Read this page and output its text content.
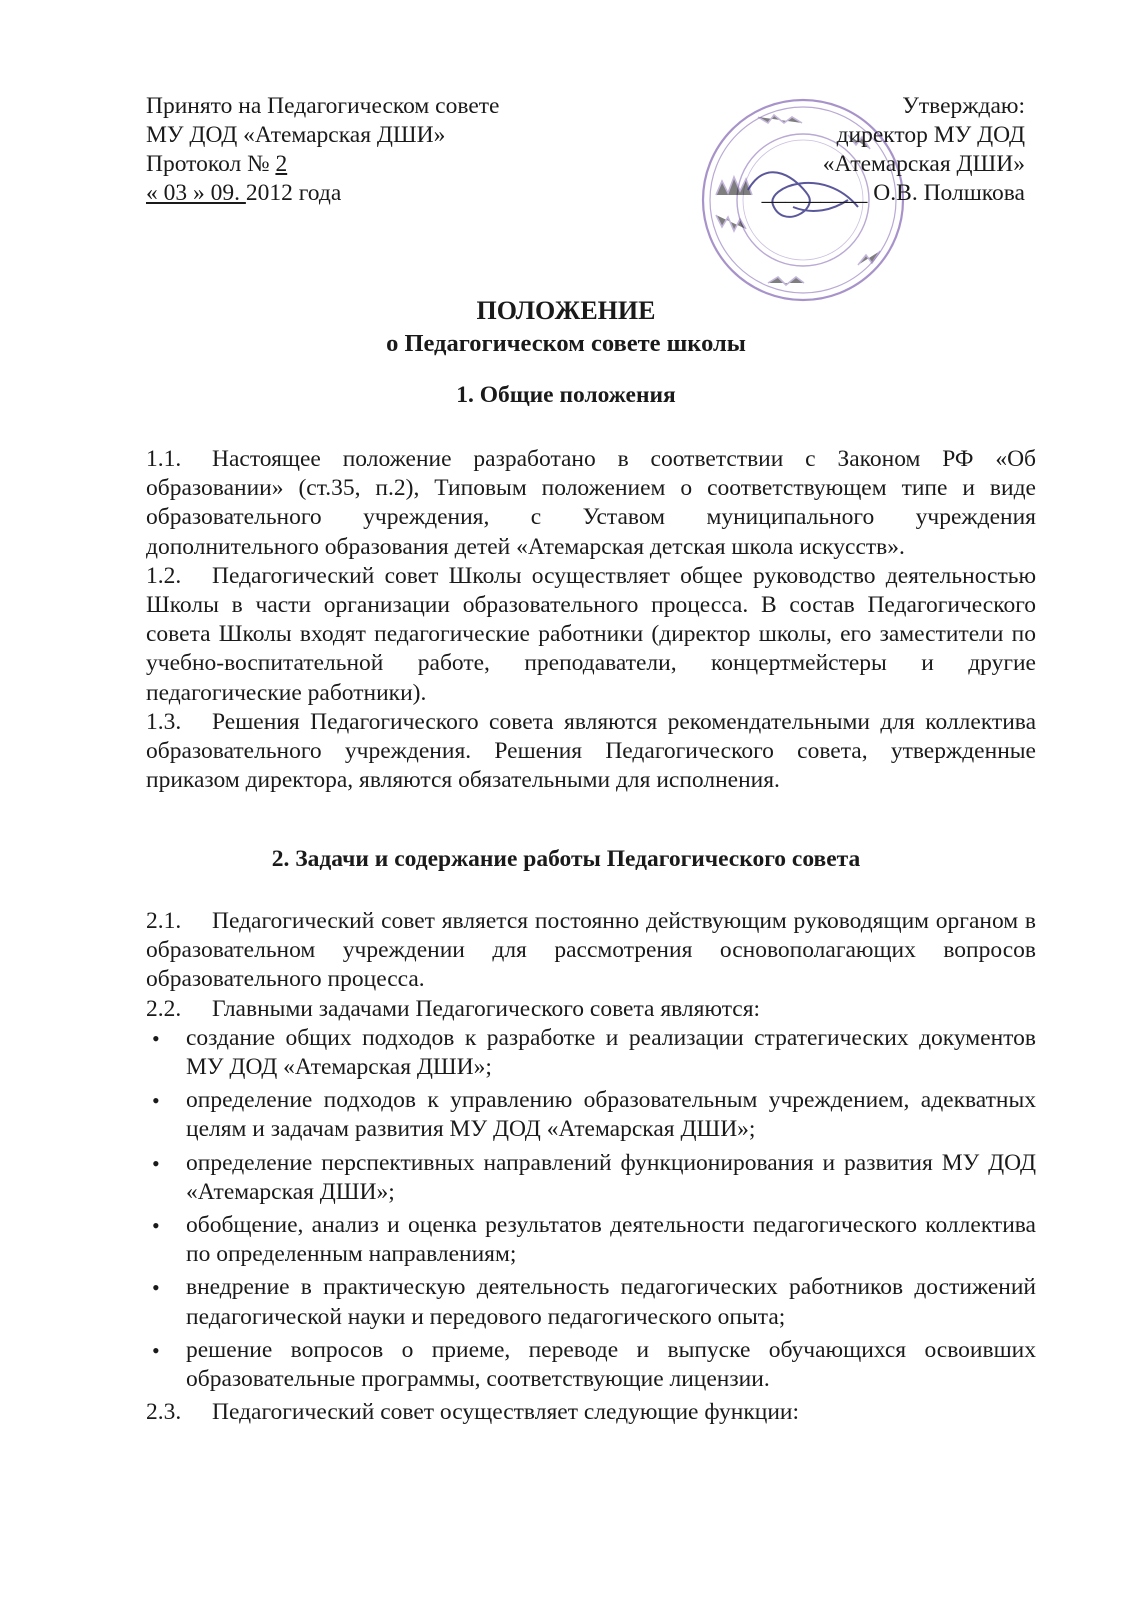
Принято на Педагогическом совете
МУ ДОД «Атемарская ДШИ»
Протокол № 2
« 03 » 09. 2012 года
Утверждаю:
директор МУ ДОД
«Атемарская ДШИ»
_________ О.В. Полшкова
ПОЛОЖЕНИЕ
о Педагогическом совете школы
1. Общие положения

1.1. Настоящее положение разработано в соответствии с Законом РФ «Об образовании» (ст.35, п.2), Типовым положением о соответствующем типе и виде образовательного учреждения, с Уставом муниципального учреждения дополнительного образования детей «Атемарская детская школа искусств».

1.2. Педагогический совет Школы осуществляет общее руководство деятельностью Школы в части организации образовательного процесса. В состав Педагогического совета Школы входят педагогические работники (директор школы, его заместители по учебно-воспитательной работе, преподаватели, концертмейстеры и другие педагогические работники).

1.3. Решения Педагогического совета являются рекомендательными для коллектива образовательного учреждения. Решения Педагогического совета, утвержденные приказом директора, являются обязательными для исполнения.

2. Задачи и содержание работы Педагогического совета

2.1. Педагогический совет является постоянно действующим руководящим органом в образовательном учреждении для рассмотрения основополагающих вопросов образовательного процесса.

2.2. Главными задачами Педагогического совета являются:

• создание общих подходов к разработке и реализации стратегических документов МУ ДОД «Атемарская ДШИ»;
• определение подходов к управлению образовательным учреждением, адекватных целям и задачам развития МУ ДОД «Атемарская ДШИ»;
• определение перспективных направлений функционирования и развития МУ ДОД «Атемарская ДШИ»;
• обобщение, анализ и оценка результатов деятельности педагогического коллектива по определенным направлениям;
• внедрение в практическую деятельность педагогических работников достижений педагогической науки и передового педагогического опыта;
• решение вопросов о приеме, переводе и выпуске обучающихся освоивших образовательные программы, соответствующие лицензии.

2.3. Педагогический совет осуществляет следующие функции:
